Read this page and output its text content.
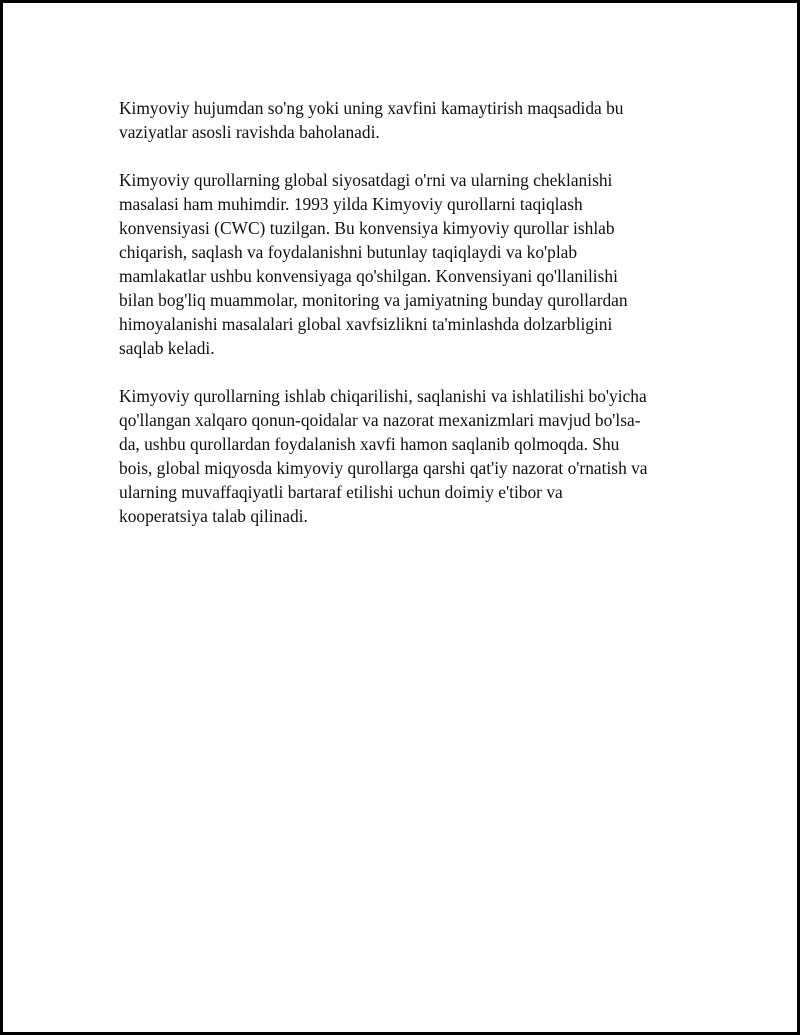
Kimyoviy hujumdan so'ng yoki uning xavfini kamaytirish maqsadida bu
vaziyatlar asosli ravishda baholanadi.

Kimyoviy qurollarning global siyosatdagi o'rni va ularning cheklanishi
masalasi ham muhimdir. 1993 yilda Kimyoviy qurollarni taqiqlash
konvensiyasi (CWC) tuzilgan. Bu konvensiya kimyoviy qurollar ishlab
chiqarish, saqlash va foydalanishni butunlay taqiqlaydi va ko'plab
mamlakatlar ushbu konvensiyaga qo'shilgan. Konvensiyani qo'llanilishi
bilan bog'liq muammolar, monitoring va jamiyatning bunday qurollardan
himoyalanishi masalalari global xavfsizlikni ta'minlashda dolzarbligini
saqlab keladi.

Kimyoviy qurollarning ishlab chiqarilishi, saqlanishi va ishlatilishi bo'yicha
qo'llangan xalqaro qonun-qoidalar va nazorat mexanizmlari mavjud bo'lsa-
da, ushbu qurollardan foydalanish xavfi hamon saqlanib qolmoqda. Shu
bois, global miqyosda kimyoviy qurollarga qarshi qat'iy nazorat o'rnatish va
ularning muvaffaqiyatli bartaraf etilishi uchun doimiy e'tibor va
kooperatsiya talab qilinadi.
